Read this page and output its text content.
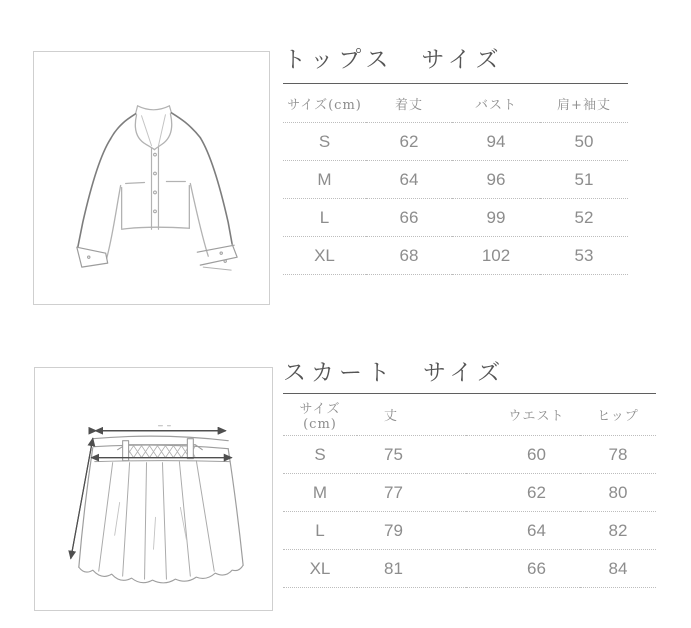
トップス　サイズ
サイズ(cm)	着丈	バスト	肩+袖丈
S	62	94	50
M	64	96	51
L	66	99	52
XL	68	102	53
スカート　サイズ
サイズ(cm)	丈	ウエスト	ヒップ
S	75	60	78
M	77	62	80
L	79	64	82
XL	81	66	84
